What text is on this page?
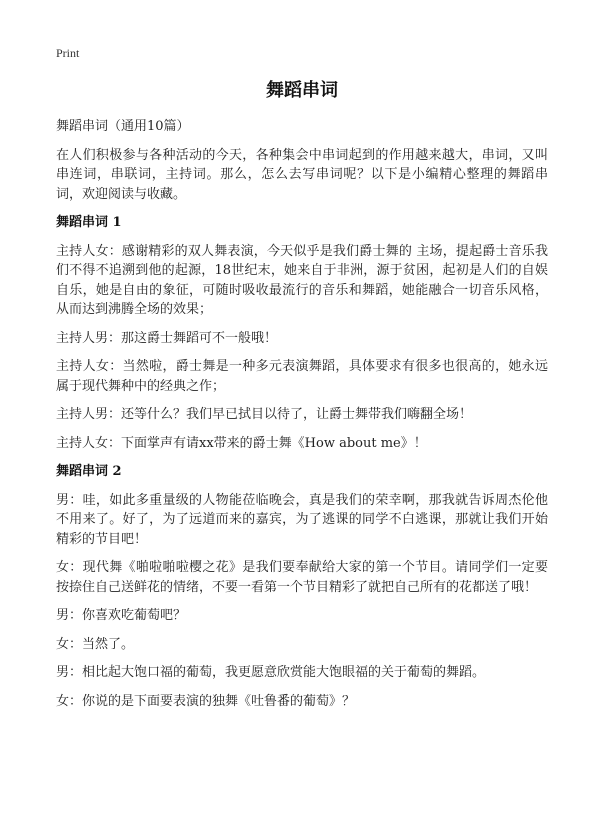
Print
舞蹈串词

舞蹈串词（通用10篇）

在人们积极参与各种活动的今天，各种集会中串词起到的作用越来越大，串词，又叫串连词，串联词，主持词。那么，怎么去写串词呢？以下是小编精心整理的舞蹈串词，欢迎阅读与收藏。

舞蹈串词 1

主持人女：感谢精彩的双人舞表演，今天似乎是我们爵士舞的 主场，提起爵士音乐我们不得不追溯到他的起源，18世纪末，她来自于非洲，源于贫困，起初是人们的自娱自乐，她是自由的象征，可随时吸收最流行的音乐和舞蹈，她能融合一切音乐风格，从而达到沸腾全场的效果；

主持人男：那这爵士舞蹈可不一般哦！

主持人女：当然啦，爵士舞是一种多元表演舞蹈，具体要求有很多也很高的，她永远属于现代舞种中的经典之作；

主持人男：还等什么？我们早已拭目以待了，让爵士舞带我们嗨翻全场！

主持人女：下面掌声有请xx带来的爵士舞《How about me》！

舞蹈串词 2

男：哇，如此多重量级的人物能莅临晚会，真是我们的荣幸啊，那我就告诉周杰伦他不用来了。好了，为了远道而来的嘉宾，为了逃课的同学不白逃课，那就让我们开始精彩的节目吧！

女：现代舞《啪啦啪啦樱之花》是我们要奉献给大家的第一个节目。请同学们一定要按捺住自己送鲜花的情绪，不要一看第一个节目精彩了就把自己所有的花都送了哦！

男：你喜欢吃葡萄吧？

女：当然了。

男：相比起大饱口福的葡萄，我更愿意欣赏能大饱眼福的关于葡萄的舞蹈。

女：你说的是下面要表演的独舞《吐鲁番的葡萄》？
